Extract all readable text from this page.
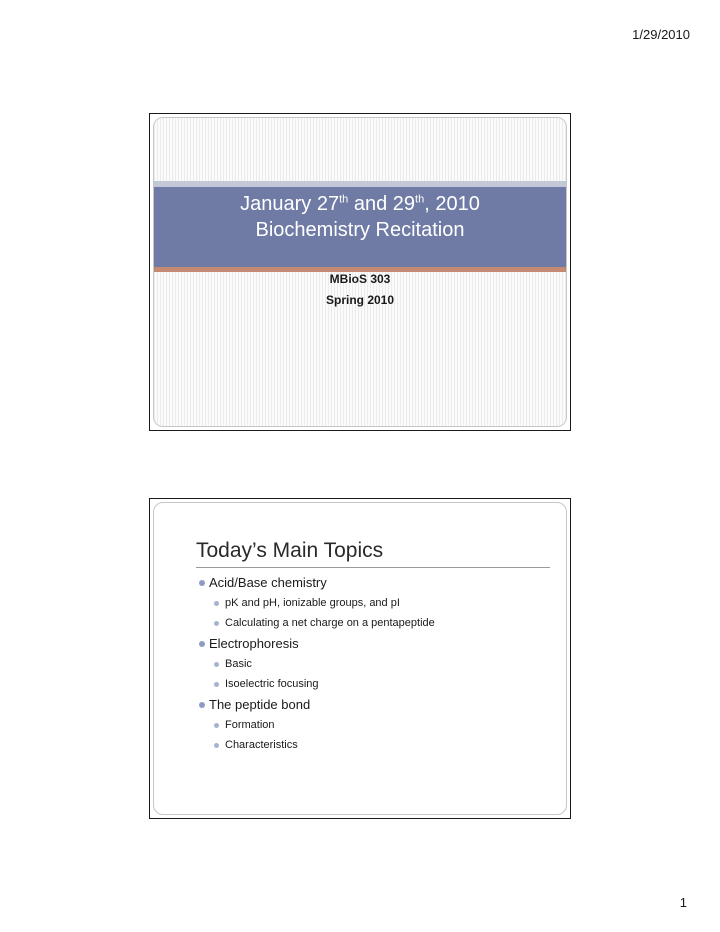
1/29/2010
January 27th and 29th, 2010
Biochemistry Recitation
MBioS 303
Spring 2010
Today’s Main Topics
Acid/Base chemistry
pK and pH, ionizable groups, and pI
Calculating a net charge on a pentapeptide
Electrophoresis
Basic
Isoelectric focusing
The peptide bond
Formation
Characteristics
1
